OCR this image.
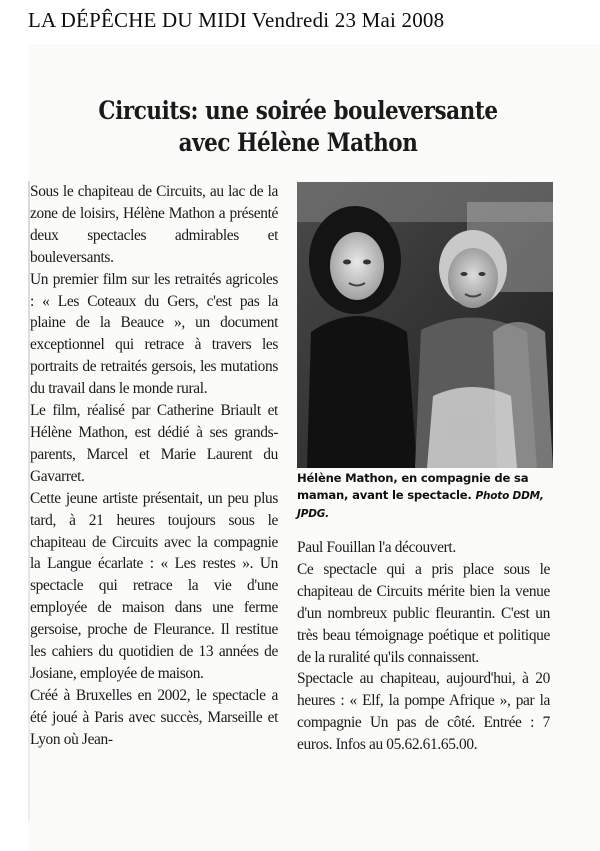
LA DÉPÊCHE DU MIDI Vendredi 23 Mai 2008
Circuits: une soirée bouleversante
avec Hélène Mathon

Sous le chapiteau de Circuits, au lac de la zone de loisirs, Hélène Mathon a présenté deux spectacles admirables et bouleversants.

Un premier film sur les retraités agricoles : « Les Coteaux du Gers, c'est pas la plaine de la Beauce », un document exceptionnel qui retrace à travers les portraits de retraités gersois, les mutations du travail dans le monde rural.

Le film, réalisé par Catherine Briault et Hélène Mathon, est dédié à ses grands-parents, Marcel et Marie Laurent du Gavarret.

Cette jeune artiste présentait, un peu plus tard, à 21 heures toujours sous le chapiteau de Circuits avec la compagnie la Langue écarlate : « Les restes ». Un spectacle qui retrace la vie d'une employée de maison dans une ferme gersoise, proche de Fleurance. Il restitue les cahiers du quotidien de 13 années de Josiane, employée de maison.

Créé à Bruxelles en 2002, le spectacle a été joué à Paris avec succès, Marseille et Lyon où Jean-

Hélène Mathon, en compagnie de sa maman, avant le spectacle. Photo DDM, JPDG.

Paul Fouillan l'a découvert.

Ce spectacle qui a pris place sous le chapiteau de Circuits mérite bien la venue d'un nombreux public fleurantin. C'est un très beau témoignage poétique et politique de la ruralité qu'ils connaissent.

Spectacle au chapiteau, aujourd'hui, à 20 heures : « Elf, la pompe Afrique », par la compagnie Un pas de côté. Entrée : 7 euros. Infos au 05.62.61.65.00.
